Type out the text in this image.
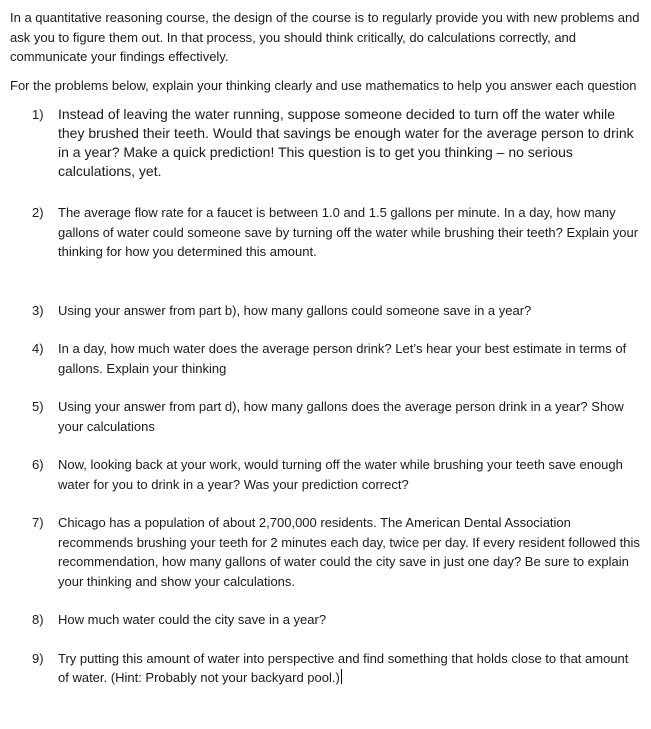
In a quantitative reasoning course, the design of the course is to regularly provide you with new problems and ask you to figure them out. In that process, you should think critically, do calculations correctly, and communicate your findings effectively.

For the problems below, explain your thinking clearly and use mathematics to help you answer each question

1) Instead of leaving the water running, suppose someone decided to turn off the water while they brushed their teeth. Would that savings be enough water for the average person to drink in a year? Make a quick prediction! This question is to get you thinking – no serious calculations, yet.
2) The average flow rate for a faucet is between 1.0 and 1.5 gallons per minute. In a day, how many gallons of water could someone save by turning off the water while brushing their teeth? Explain your thinking for how you determined this amount.
3) Using your answer from part b), how many gallons could someone save in a year?
4) In a day, how much water does the average person drink? Let’s hear your best estimate in terms of gallons. Explain your thinking
5) Using your answer from part d), how many gallons does the average person drink in a year? Show your calculations
6) Now, looking back at your work, would turning off the water while brushing your teeth save enough water for you to drink in a year? Was your prediction correct?
7) Chicago has a population of about 2,700,000 residents. The American Dental Association recommends brushing your teeth for 2 minutes each day, twice per day. If every resident followed this recommendation, how many gallons of water could the city save in just one day? Be sure to explain your thinking and show your calculations.
8) How much water could the city save in a year?
9) Try putting this amount of water into perspective and find something that holds close to that amount of water. (Hint: Probably not your backyard pool.)
